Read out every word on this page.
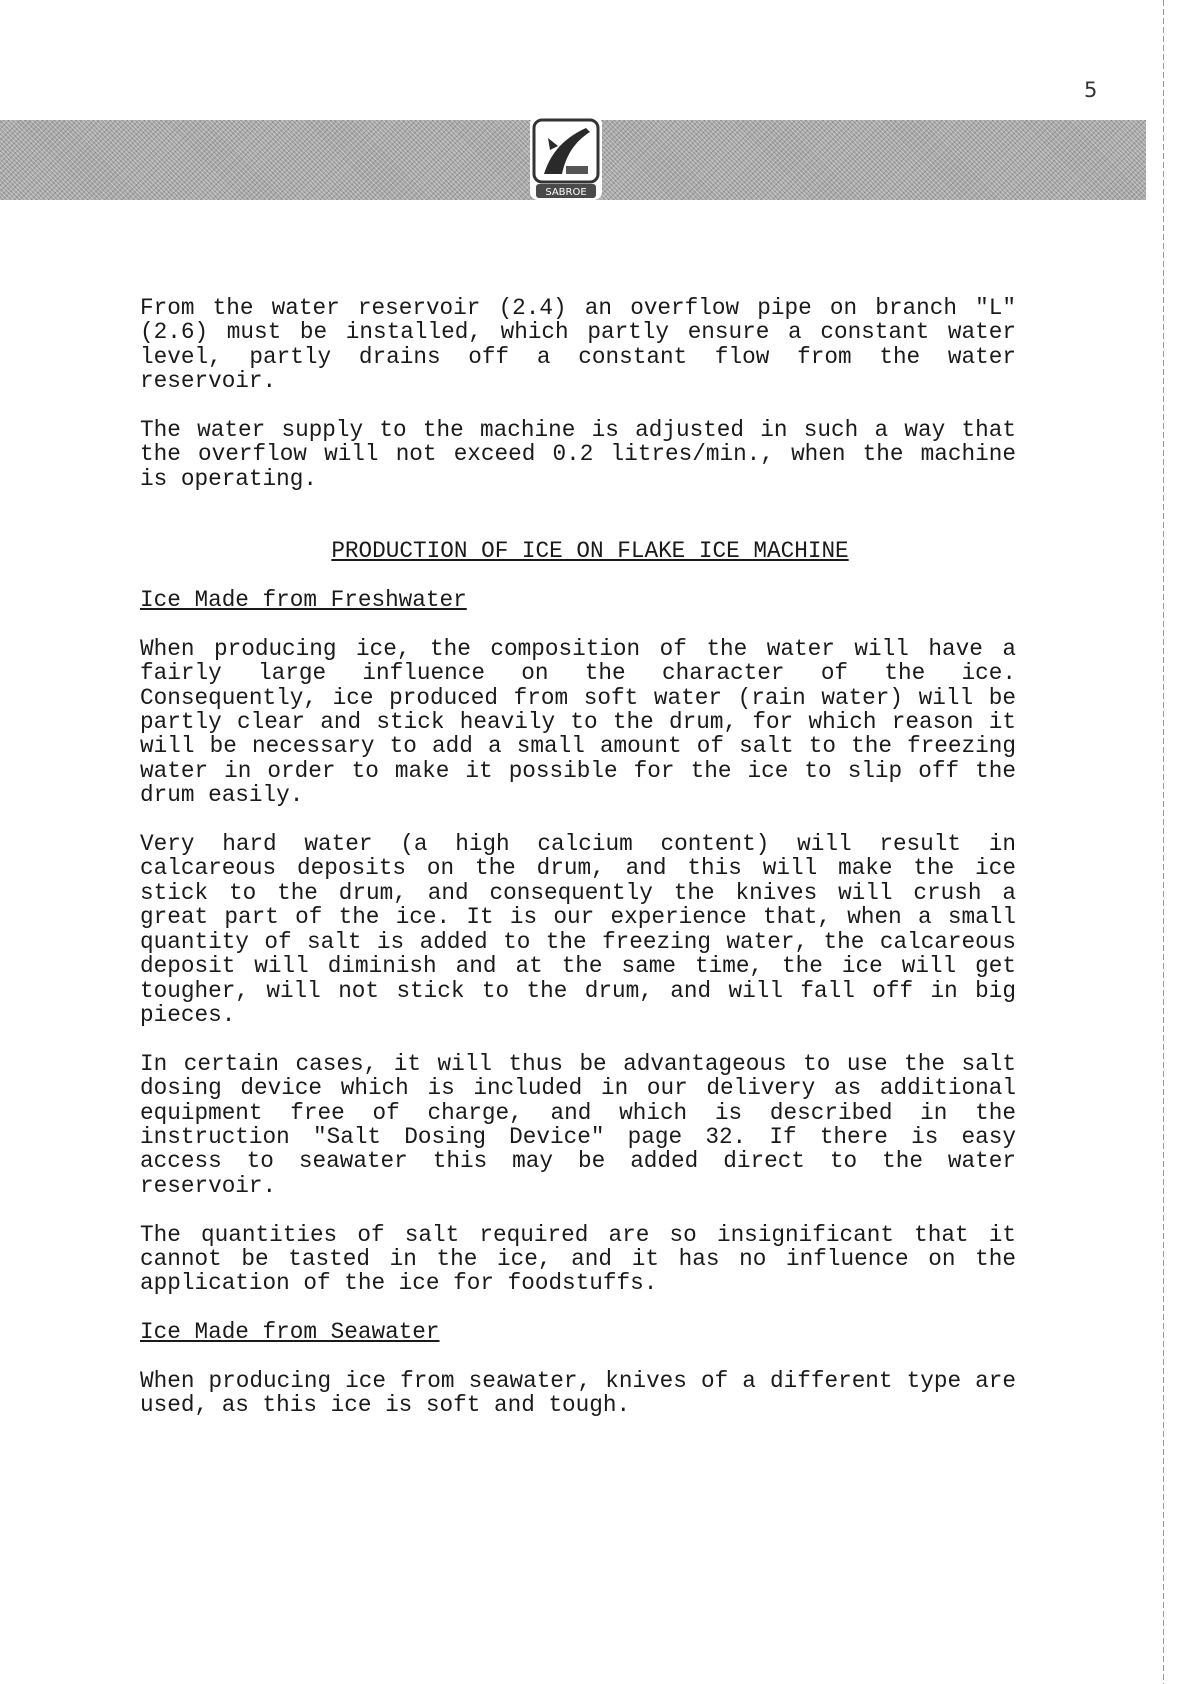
5
SABROE

From the water reservoir (2.4) an overflow pipe on branch "L" (2.6) must be installed, which partly ensure a constant water level, partly drains off a constant flow from the water reservoir.

The water supply to the machine is adjusted in such a way that the overflow will not exceed 0.2 litres/min., when the machine is operating.

PRODUCTION OF ICE ON FLAKE ICE MACHINE
Ice Made from Freshwater

When producing ice, the composition of the water will have a fairly large influence on the character of the ice. Consequently, ice produced from soft water (rain water) will be partly clear and stick heavily to the drum, for which reason it will be necessary to add a small amount of salt to the freezing water in order to make it possible for the ice to slip off the drum easily.

Very hard water (a high calcium content) will result in calcareous deposits on the drum, and this will make the ice stick to the drum, and consequently the knives will crush a great part of the ice. It is our experience that, when a small quantity of salt is added to the freezing water, the calcareous deposit will diminish and at the same time, the ice will get tougher, will not stick to the drum, and will fall off in big pieces.

In certain cases, it will thus be advantageous to use the salt dosing device which is included in our delivery as additional equipment free of charge, and which is described in the instruction "Salt Dosing Device" page 32. If there is easy access to seawater this may be added direct to the water reservoir.

The quantities of salt required are so insignificant that it cannot be tasted in the ice, and it has no influence on the application of the ice for foodstuffs.

Ice Made from Seawater

When producing ice from seawater, knives of a different type are used, as this ice is soft and tough.
